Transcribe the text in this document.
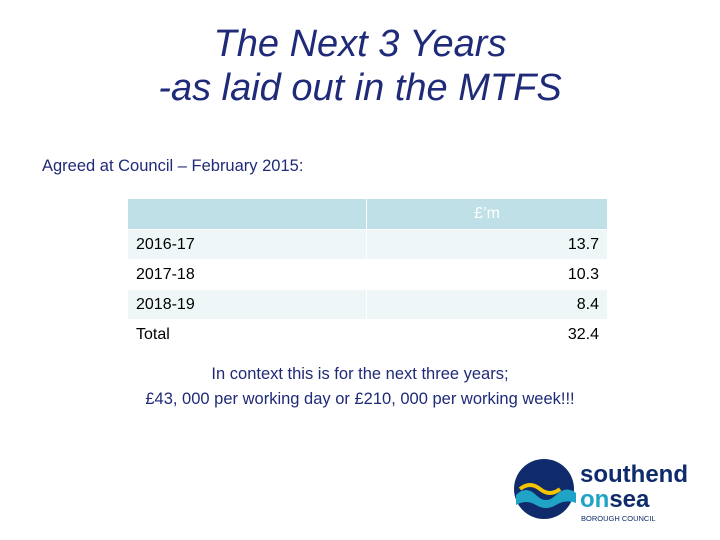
The Next 3 Years
-as laid out in the MTFS
Agreed at Council – February 2015:
	£’m
2016-17	13.7
2017-18	10.3
2018-19	8.4
Total	32.4
In context this is for the next three years;
£43, 000 per working day or £210, 000 per working week!!!
southend
onsea
BOROUGH COUNCIL
